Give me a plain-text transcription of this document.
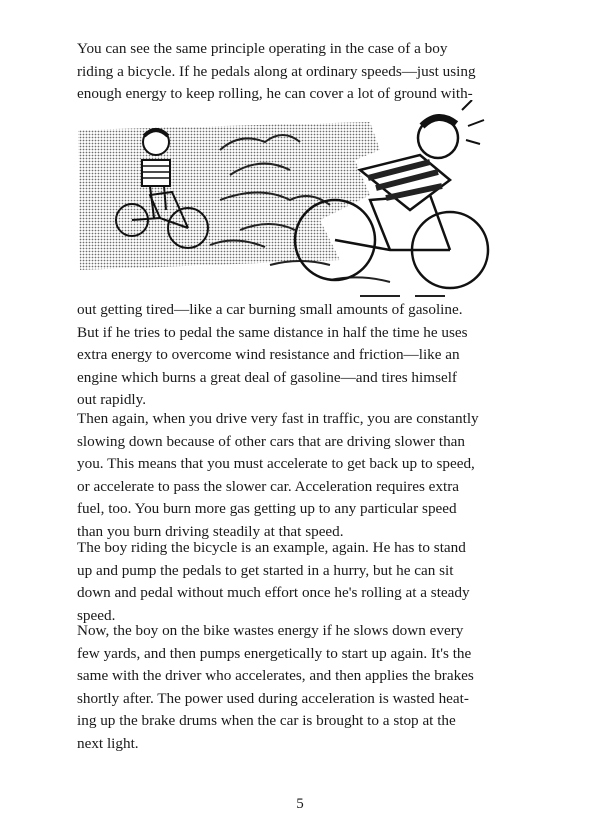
You can see the same principle operating in the case of a boy
riding a bicycle. If he pedals along at ordinary speeds—just using
enough energy to keep rolling, he can cover a lot of ground with-

out getting tired—like a car burning small amounts of gasoline.
But if he tries to pedal the same distance in half the time he uses
extra energy to overcome wind resistance and friction—like an
engine which burns a great deal of gasoline—and tires himself
out rapidly.

Then again, when you drive very fast in traffic, you are constantly
slowing down because of other cars that are driving slower than
you. This means that you must accelerate to get back up to speed,
or accelerate to pass the slower car. Acceleration requires extra
fuel, too. You burn more gas getting up to any particular speed
than you burn driving steadily at that speed.

The boy riding the bicycle is an example, again. He has to stand
up and pump the pedals to get started in a hurry, but he can sit
down and pedal without much effort once he's rolling at a steady
speed.

Now, the boy on the bike wastes energy if he slows down every
few yards, and then pumps energetically to start up again. It's the
same with the driver who accelerates, and then applies the brakes
shortly after. The power used during acceleration is wasted heat-
ing up the brake drums when the car is brought to a stop at the
next light.

5
